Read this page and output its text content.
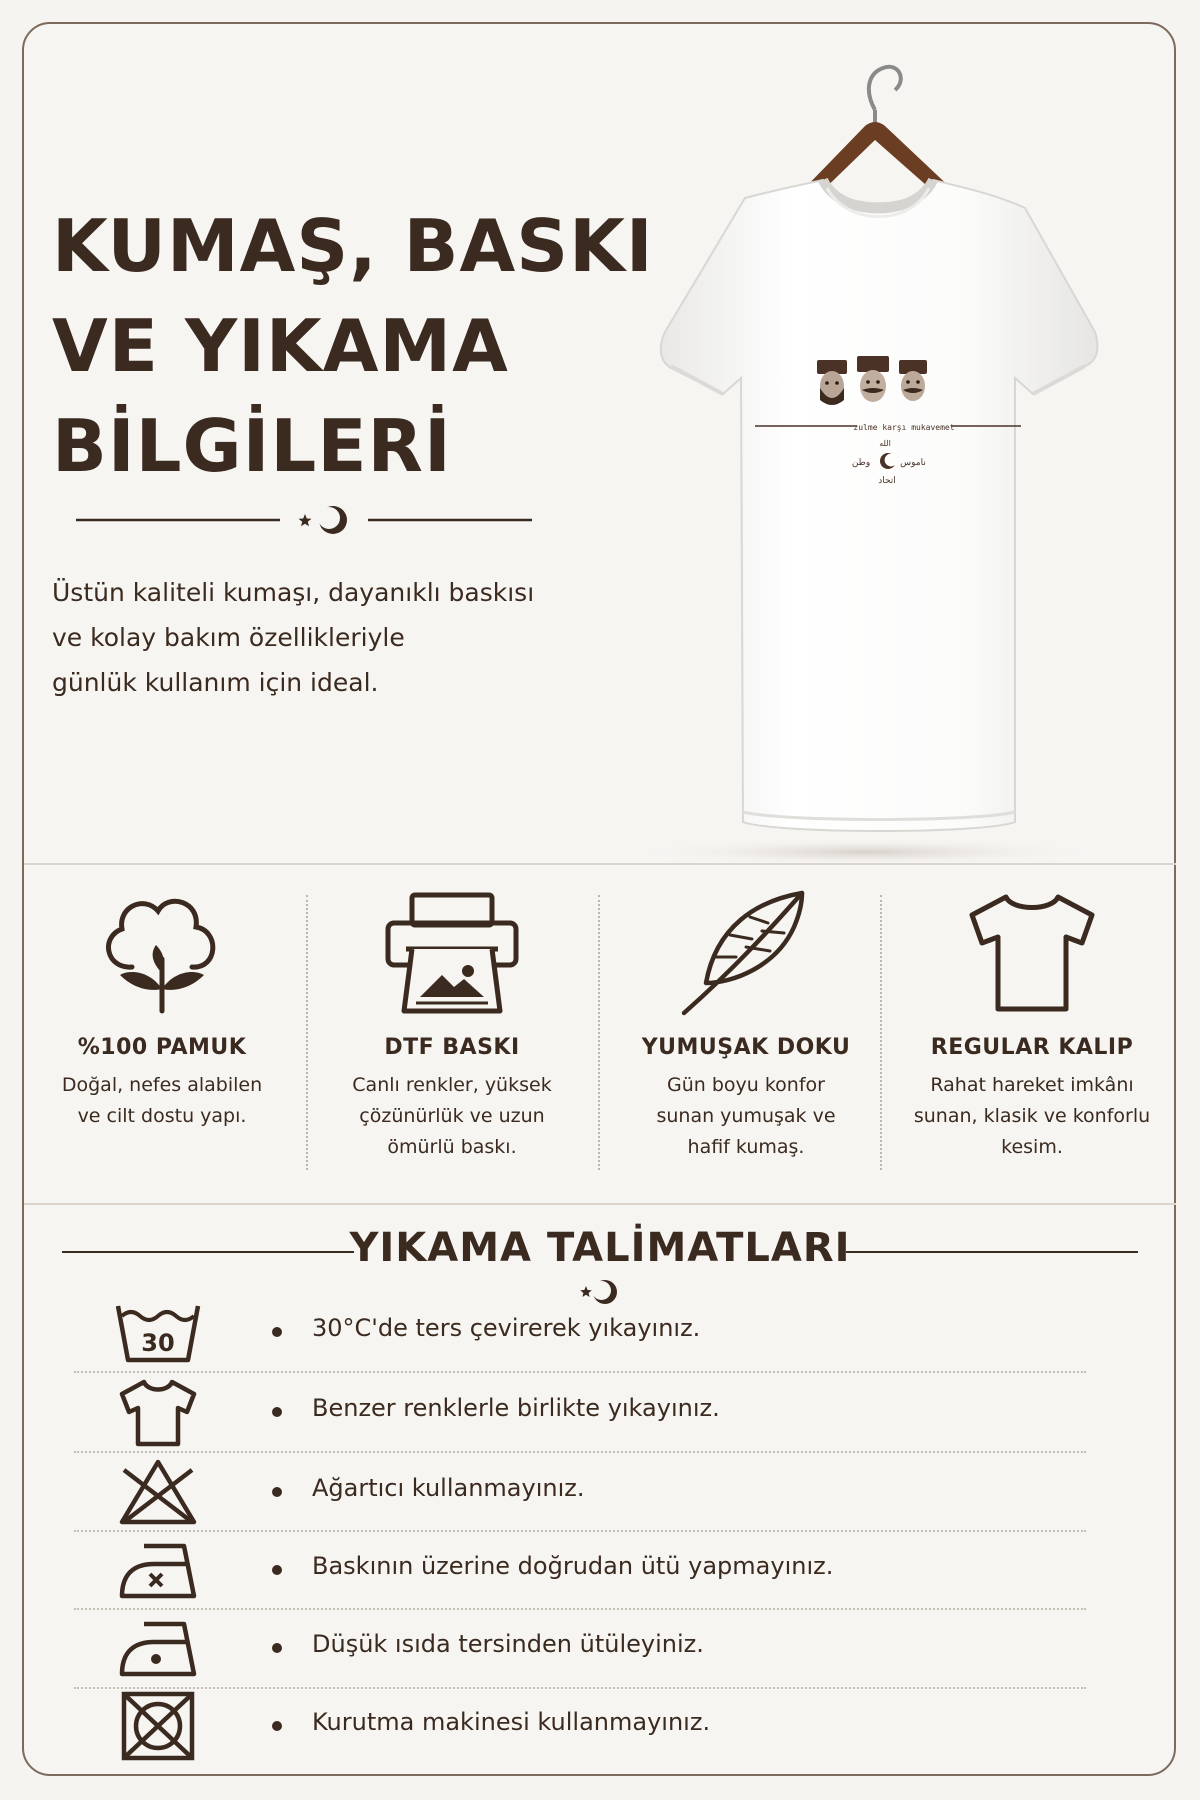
KUMAŞ, BASKI
VE YIKAMA
BİLGİLERİ
Üstün kaliteli kumaşı, dayanıklı baskısı
ve kolay bakım özellikleriyle
günlük kullanım için ideal.
zulme karşı mukavemet
الله
وطن	ناموس
اتحاد
%100 PAMUK
Doğal, nefes alabilen
ve cilt dostu yapı.
DTF BASKI
Canlı renkler, yüksek
çözünürlük ve uzun
ömürlü baskı.
YUMUŞAK DOKU
Gün boyu konfor
sunan yumuşak ve
hafif kumaş.
REGULAR KALIP
Rahat hareket imkânı
sunan, klasik ve konforlu
kesim.
YIKAMA TALİMATLARI
30
30°C'de ters çevirerek yıkayınız.
Benzer renklerle birlikte yıkayınız.
Ağartıcı kullanmayınız.
Baskının üzerine doğrudan ütü yapmayınız.
Düşük ısıda tersinden ütüleyiniz.
Kurutma makinesi kullanmayınız.
